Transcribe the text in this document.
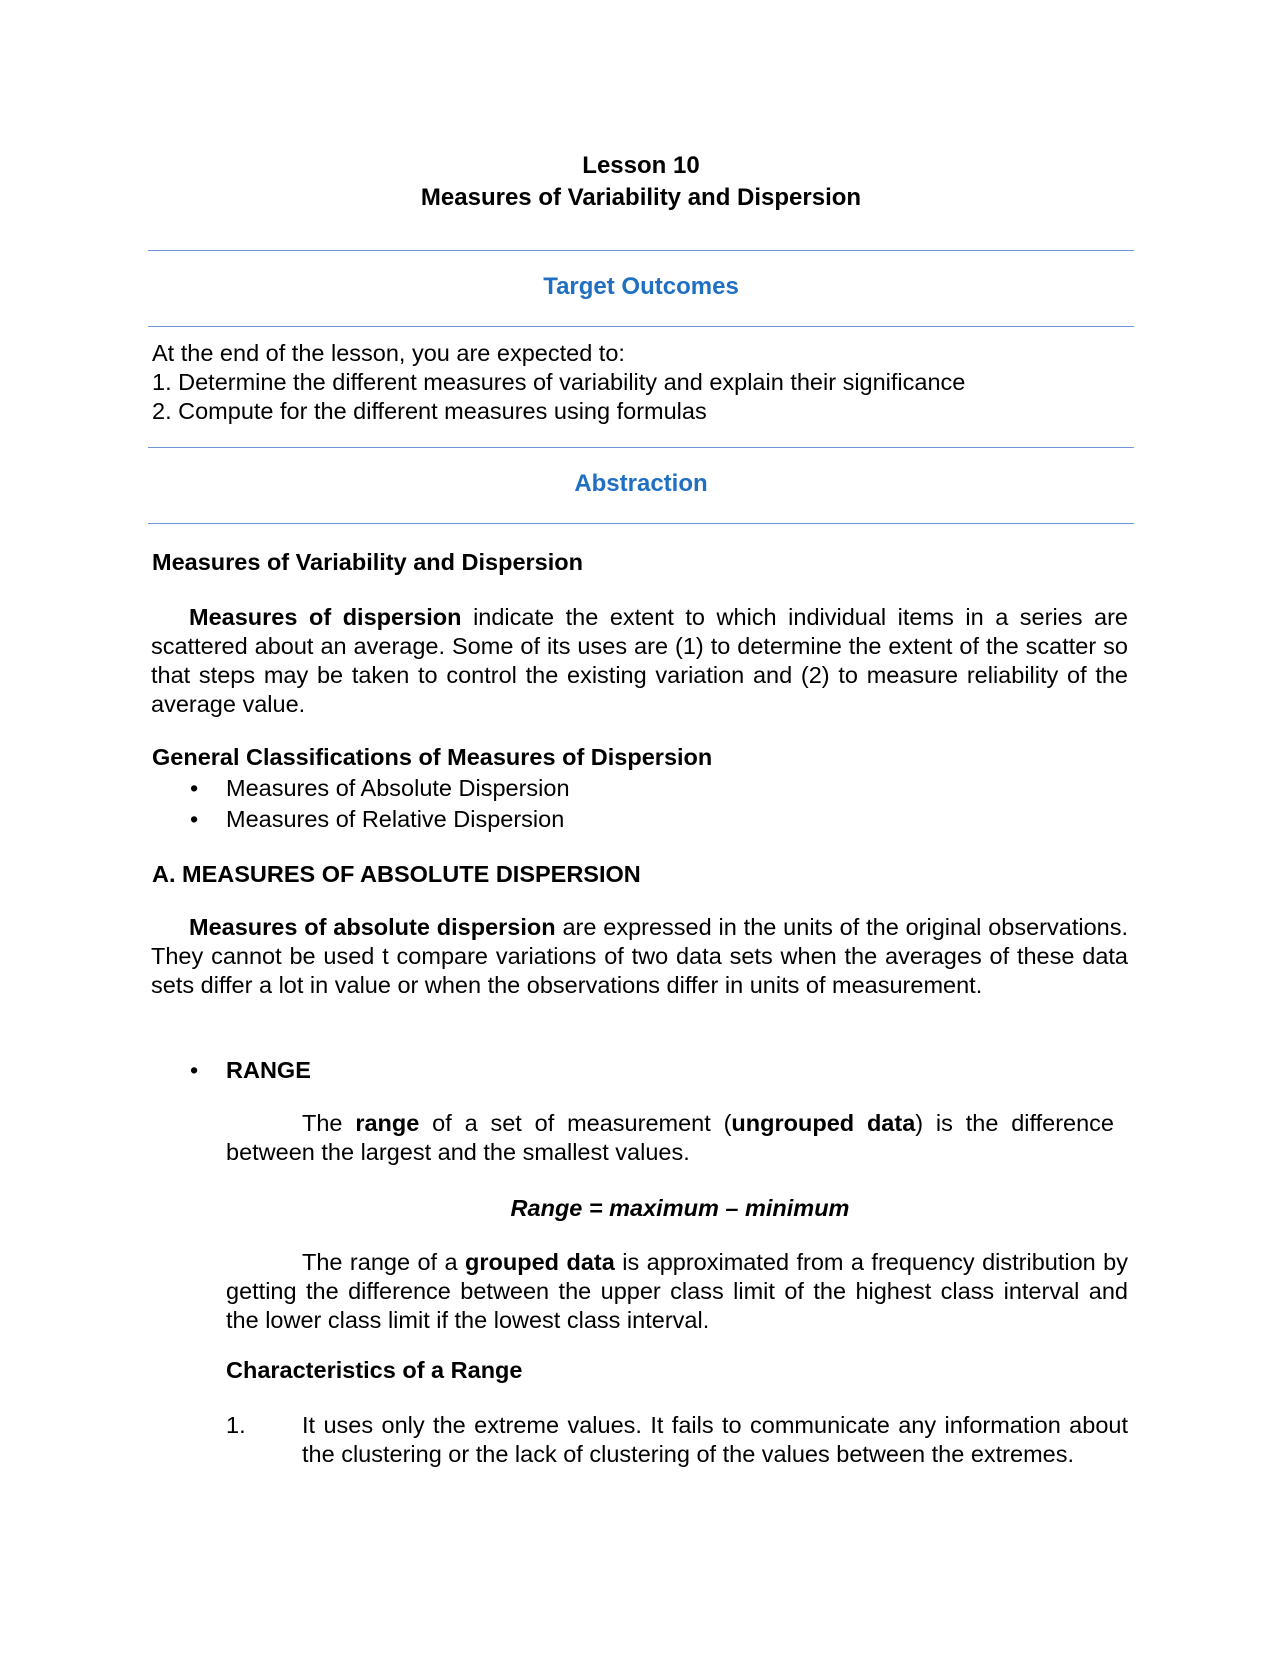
Lesson 10
Measures of Variability and Dispersion
Target Outcomes
At the end of the lesson, you are expected to:
1. Determine the different measures of variability and explain their significance
2. Compute for the different measures using formulas
Abstraction
Measures of Variability and Dispersion
Measures of dispersion indicate the extent to which individual items in a series are scattered about an average. Some of its uses are (1) to determine the extent of the scatter so that steps may be taken to control the existing variation and (2) to measure reliability of the average value.
General Classifications of Measures of Dispersion
• Measures of Absolute Dispersion
• Measures of Relative Dispersion
A. MEASURES OF ABSOLUTE DISPERSION
Measures of absolute dispersion are expressed in the units of the original observations. They cannot be used t compare variations of two data sets when the averages of these data sets differ a lot in value or when the observations differ in units of measurement.
• RANGE
The range of a set of measurement (ungrouped data) is the difference between the largest and the smallest values.
Range = maximum – minimum
The range of a grouped data is approximated from a frequency distribution by getting the difference between the upper class limit of the highest class interval and the lower class limit if the lowest class interval.
Characteristics of a Range
1. It uses only the extreme values. It fails to communicate any information about the clustering or the lack of clustering of the values between the extremes.
